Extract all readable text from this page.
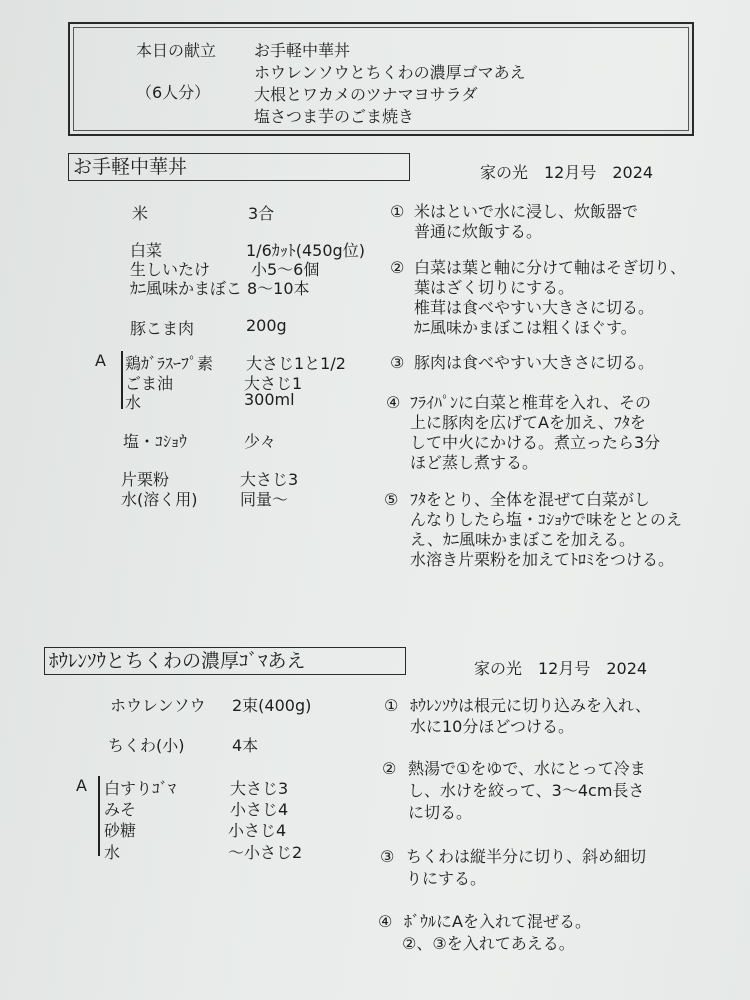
本日の献立
（6人分）
お手軽中華丼
ホウレンソウとちくわの濃厚ゴマあえ
大根とワカメのツナマヨサラダ
塩さつま芋のごま焼き
お手軽中華丼	家の光　12月号　2024
米	3合
白菜	1/6ｶｯﾄ(450g位)
生しいたけ	小5～6個
ｶﾆ風味かまぼこ 8～10本
豚こま肉	200g
A 鶏ｶﾞﾗｽｰﾌﾟ素 大さじ1と1/2
ごま油	大さじ1
水	300ml
塩・ｺｼｮｳ	少々
片栗粉	大さじ3
水(溶く用)	同量～
① 米はといで水に浸し、炊飯器で
普通に炊飯する。
② 白菜は葉と軸に分けて軸はそぎ切り、
葉はざく切りにする。
椎茸は食べやすい大きさに切る。
ｶﾆ風味かまぼこは粗くほぐす。
③ 豚肉は食べやすい大きさに切る。
④ ﾌﾗｲﾊﾟﾝに白菜と椎茸を入れ、その
上に豚肉を広げてAを加え、ﾌﾀを
して中火にかける。煮立ったら3分
ほど蒸し煮する。
⑤ ﾌﾀをとり、全体を混ぜて白菜がし
んなりしたら塩・ｺｼｮｳで味をととのえ
え、ｶﾆ風味かまぼこを加える。
水溶き片栗粉を加えてﾄﾛﾐをつける。
ﾎｳﾚﾝｿｳとちくわの濃厚ｺﾞﾏあえ	家の光　12月号　2024
ホウレンソウ 2束(400g)
ちくわ(小)	4本
A 白すりｺﾞﾏ	大さじ3
みそ	小さじ4
砂糖	小さじ4
水	～小さじ2
① ﾎｳﾚﾝｿｳは根元に切り込みを入れ、
水に10分ほどつける。
② 熱湯で①をゆで、水にとって冷ま
し、水けを絞って、3～4cm長さ
に切る。
③ ちくわは縦半分に切り、斜め細切
りにする。
④ ﾎﾞｳﾙにAを入れて混ぜる。
②、③を入れてあえる。
